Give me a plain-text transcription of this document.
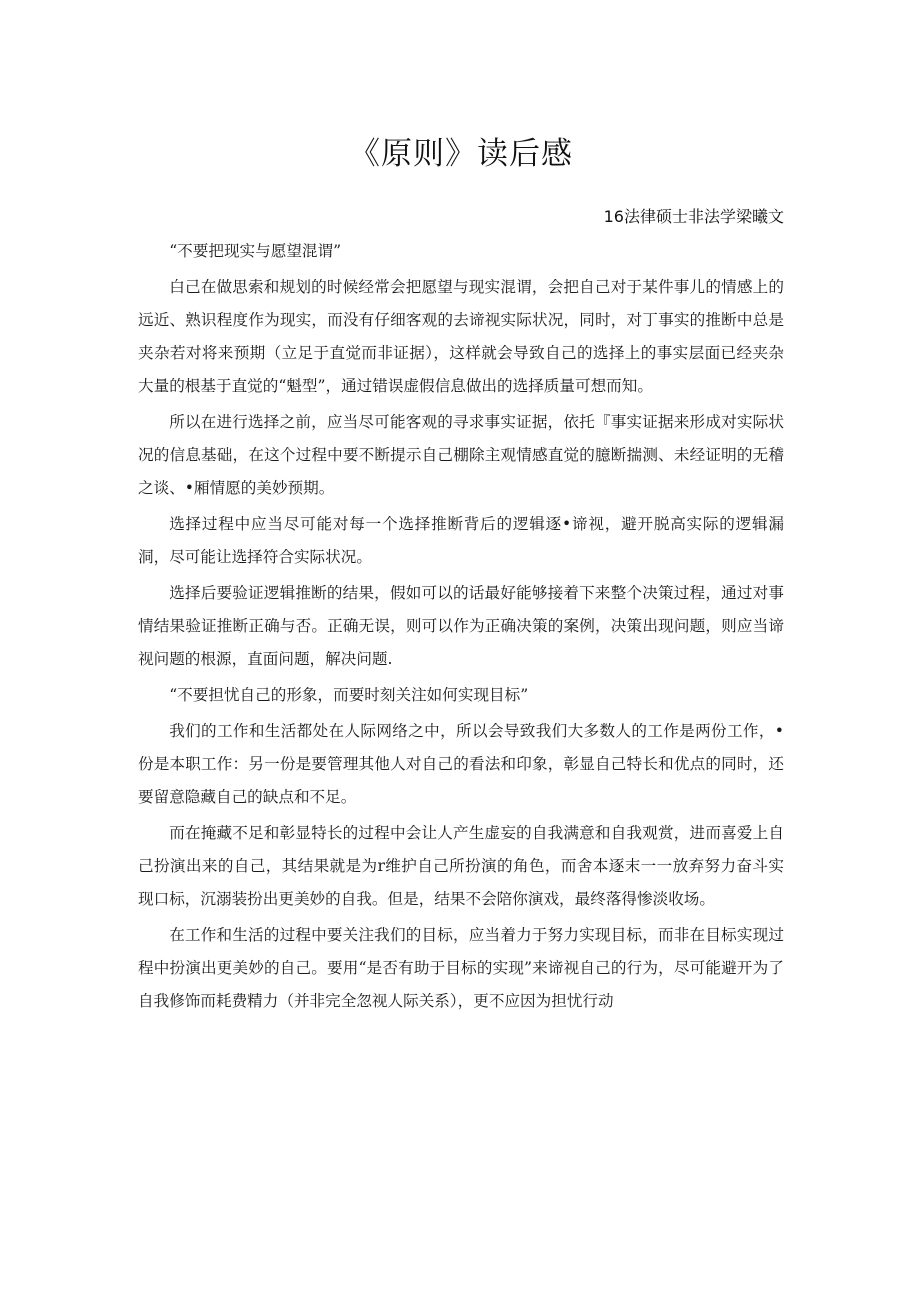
《原则》读后感
16法律硕士非法学梁曦文

“不要把现实与愿望混谓”

白己在做思索和规划的时候经常会把愿望与现实混谓，会把自己对于某件事儿的情感上的远近、熟识程度作为现实，而没有仔细客观的去谛视实际状况，同时，对丁事实的推断中总是夹杂若对将来预期（立足于直觉而非证据），这样就会导致自己的选择上的事实层面已经夹杂大量的根基于直觉的“魁型”，通过错误虚假信息做出的选择质量可想而知。

所以在进行选择之前，应当尽可能客观的寻求事实证据，依托『事实证据来形成对实际状况的信息基础，在这个过程中要不断提示自己棚除主观情感直觉的臆断揣测、未经证明的无稽之谈、•厢情愿的美妙预期。

选择过程中应当尽可能对每一个选择推断背后的逻辑逐•谛视，避开脱高实际的逻辑漏洞，尽可能让选择符合实际状况。

选择后要验证逻辑推断的结果，假如可以的话最好能够接着下来整个决策过程，通过对事情结果验证推断正确与否。正确无误，则可以作为正确决策的案例，决策出现问题，则应当谛视问题的根源，直面问题，解决问题.

“不要担忧自己的形象，而要时刻关注如何实现目标”

我们的工作和生活都处在人际网络之中，所以会导致我们大多数人的工作是两份工作，•份是本职工作：另一份是要管理其他人对自己的看法和印象，彰显自己特长和优点的同时，还要留意隐藏自己的缺点和不足。

而在掩藏不足和彰显特长的过程中会让人产生虚妄的自我满意和自我观赏，进而喜爱上自己扮演出来的自己，其结果就是为r维护自己所扮演的角色，而舍本逐末一一放弃努力奋斗实现口标，沉溺装扮出更美妙的自我。但是，结果不会陪你演戏，最终落得惨淡收场。

在工作和生活的过程中要关注我们的目标，应当着力于努力实现目标，而非在目标实现过程中扮演出更美妙的自己。要用“是否有助于目标的实现”来谛视自己的行为，尽可能避开为了自我修饰而耗费精力（并非完全忽视人际关系），更不应因为担忧行动
